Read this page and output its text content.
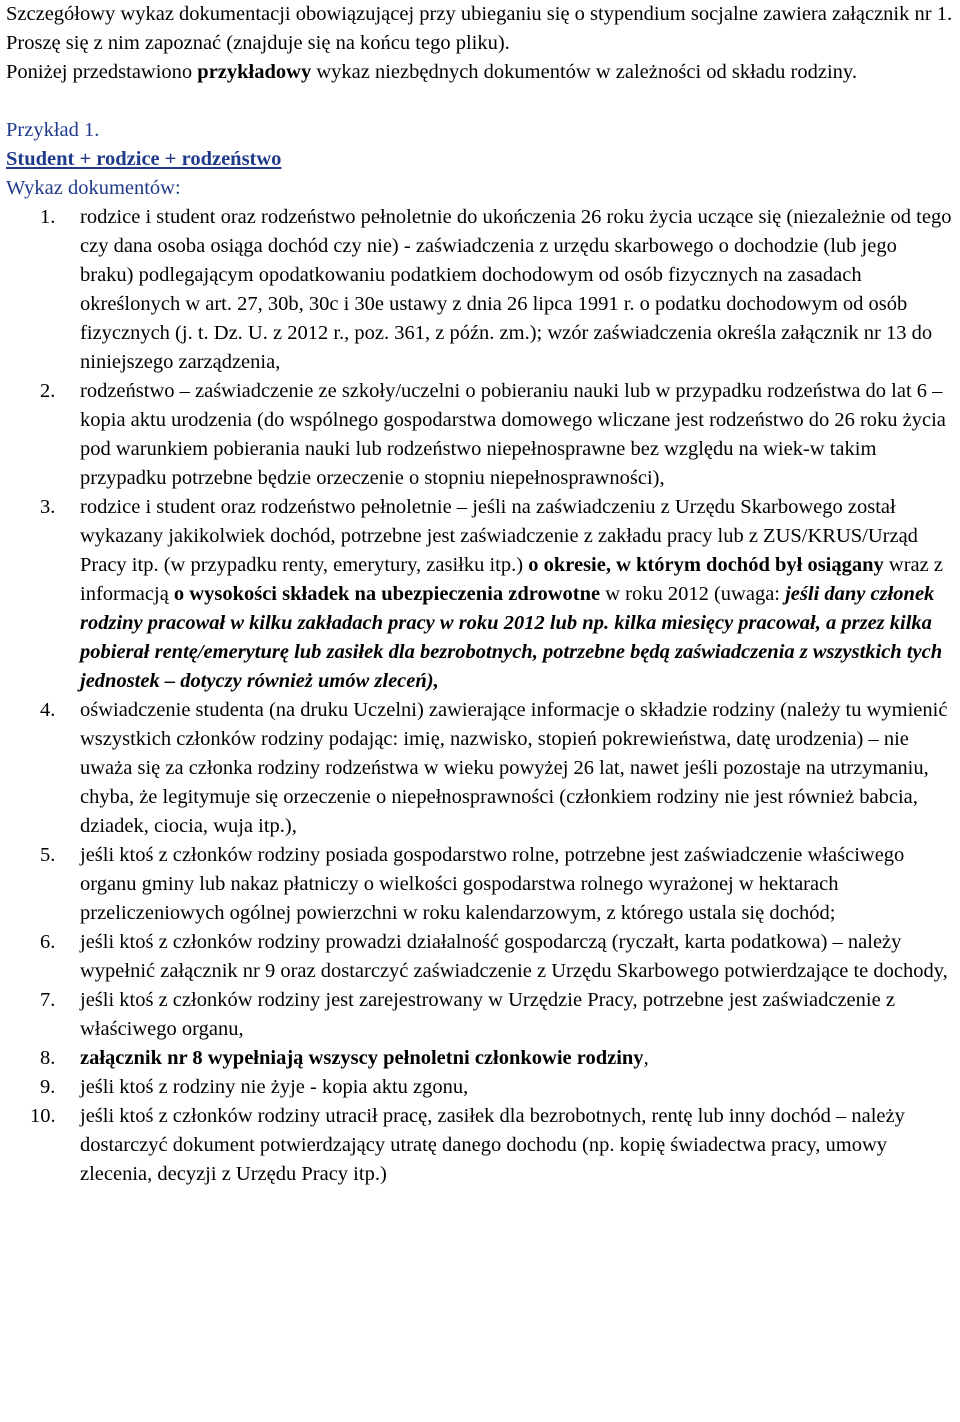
Szczegółowy wykaz dokumentacji obowiązującej przy ubieganiu się o stypendium socjalne zawiera załącznik nr 1. Proszę się z nim zapoznać (znajduje się na końcu tego pliku).

Poniżej przedstawiono przykładowy wykaz niezbędnych dokumentów w zależności od składu rodziny.

Przykład 1.
Student + rodzice + rodzeństwo
Wykaz dokumentów:
1. rodzice i student oraz rodzeństwo pełnoletnie do ukończenia 26 roku życia uczące się (niezależnie od tego czy dana osoba osiąga dochód czy nie) - zaświadczenia z urzędu skarbowego o dochodzie (lub jego braku) podlegającym opodatkowaniu podatkiem dochodowym od osób fizycznych na zasadach określonych w art. 27, 30b, 30c i 30e ustawy z dnia 26 lipca 1991 r. o podatku dochodowym od osób fizycznych (j. t. Dz. U. z 2012 r., poz. 361, z późn. zm.); wzór zaświadczenia określa załącznik nr 13 do niniejszego zarządzenia,
2. rodzeństwo – zaświadczenie ze szkoły/uczelni o pobieraniu nauki lub w przypadku rodzeństwa do lat 6 – kopia aktu urodzenia (do wspólnego gospodarstwa domowego wliczane jest rodzeństwo do 26 roku życia pod warunkiem pobierania nauki lub rodzeństwo niepełnosprawne bez względu na wiek-w takim przypadku potrzebne będzie orzeczenie o stopniu niepełnosprawności),
3. rodzice i student oraz rodzeństwo pełnoletnie – jeśli na zaświadczeniu z Urzędu Skarbowego został wykazany jakikolwiek dochód, potrzebne jest zaświadczenie z zakładu pracy lub z ZUS/KRUS/Urząd Pracy itp. (w przypadku renty, emerytury, zasiłku itp.) o okresie, w którym dochód był osiągany wraz z informacją o wysokości składek na ubezpieczenia zdrowotne w roku 2012 (uwaga: jeśli dany członek rodziny pracował w kilku zakładach pracy w roku 2012 lub np. kilka miesięcy pracował, a przez kilka pobierał rentę/emeryturę lub zasiłek dla bezrobotnych, potrzebne będą zaświadczenia z wszystkich tych jednostek – dotyczy również umów zleceń),
4. oświadczenie studenta (na druku Uczelni) zawierające informacje o składzie rodziny (należy tu wymienić wszystkich członków rodziny podając: imię, nazwisko, stopień pokrewieństwa, datę urodzenia) – nie uważa się za członka rodziny rodzeństwa w wieku powyżej 26 lat, nawet jeśli pozostaje na utrzymaniu, chyba, że legitymuje się orzeczenie o niepełnosprawności (członkiem rodziny nie jest również babcia, dziadek, ciocia, wuja itp.),
5. jeśli ktoś z członków rodziny posiada gospodarstwo rolne, potrzebne jest zaświadczenie właściwego organu gminy lub nakaz płatniczy o wielkości gospodarstwa rolnego wyrażonej w hektarach przeliczeniowych ogólnej powierzchni w roku kalendarzowym, z którego ustala się dochód;
6. jeśli ktoś z członków rodziny prowadzi działalność gospodarczą (ryczałt, karta podatkowa) – należy wypełnić załącznik nr 9 oraz dostarczyć zaświadczenie z Urzędu Skarbowego potwierdzające te dochody,
7. jeśli ktoś z członków rodziny jest zarejestrowany w Urzędzie Pracy, potrzebne jest zaświadczenie z właściwego organu,
8. załącznik nr 8 wypełniają wszyscy pełnoletni członkowie rodziny,
9. jeśli ktoś z rodziny nie żyje - kopia aktu zgonu,
10. jeśli ktoś z członków rodziny utracił pracę, zasiłek dla bezrobotnych, rentę lub inny dochód – należy dostarczyć dokument potwierdzający utratę danego dochodu (np. kopię świadectwa pracy, umowy zlecenia, decyzji z Urzędu Pracy itp.)
